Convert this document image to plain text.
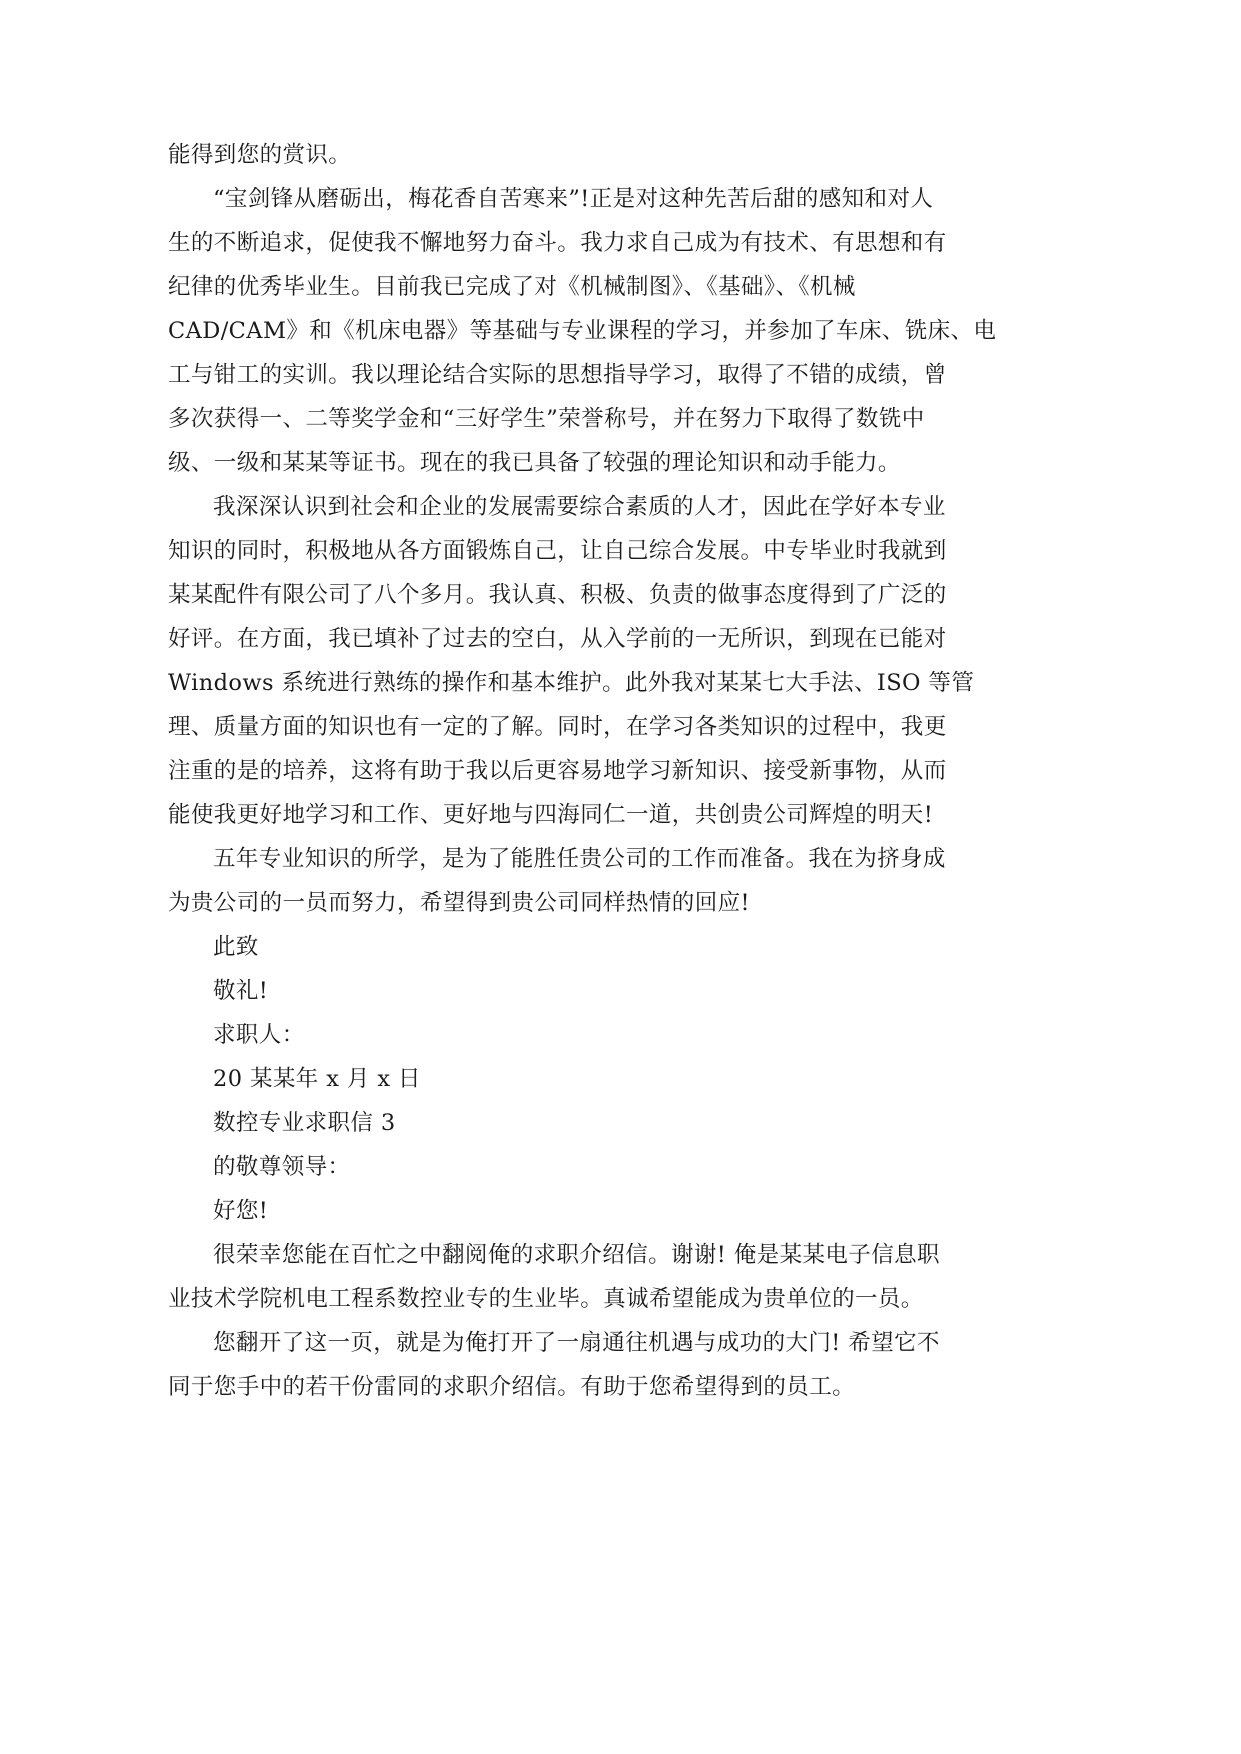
能得到您的赏识。
“宝剑锋从磨砺出，梅花香自苦寒来”!正是对这种先苦后甜的感知和对人
生的不断追求，促使我不懈地努力奋斗。我力求自己成为有技术、有思想和有
纪律的优秀毕业生。目前我已完成了对《机械制图》、《基础》、《机械
CAD/CAM》和《机床电器》等基础与专业课程的学习，并参加了车床、铣床、电
工与钳工的实训。我以理论结合实际的思想指导学习，取得了不错的成绩，曾
多次获得一、二等奖学金和“三好学生”荣誉称号，并在努力下取得了数铣中
级、一级和某某等证书。现在的我已具备了较强的理论知识和动手能力。
我深深认识到社会和企业的发展需要综合素质的人才，因此在学好本专业
知识的同时，积极地从各方面锻炼自己，让自己综合发展。中专毕业时我就到
某某配件有限公司了八个多月。我认真、积极、负责的做事态度得到了广泛的
好评。在方面，我已填补了过去的空白，从入学前的一无所识，到现在已能对
Windows 系统进行熟练的操作和基本维护。此外我对某某七大手法、ISO 等管
理、质量方面的知识也有一定的了解。同时，在学习各类知识的过程中，我更
注重的是的培养，这将有助于我以后更容易地学习新知识、接受新事物，从而
能使我更好地学习和工作、更好地与四海同仁一道，共创贵公司辉煌的明天!
五年专业知识的所学，是为了能胜任贵公司的工作而准备。我在为挤身成
为贵公司的一员而努力，希望得到贵公司同样热情的回应!
此致
敬礼!
求职人：
20 某某年 x 月 x 日
数控专业求职信 3
的敬尊领导：
好您!
很荣幸您能在百忙之中翻阅俺的求职介绍信。谢谢! 俺是某某电子信息职
业技术学院机电工程系数控业专的生业毕。真诚希望能成为贵单位的一员。
您翻开了这一页，就是为俺打开了一扇通往机遇与成功的大门! 希望它不
同于您手中的若干份雷同的求职介绍信。有助于您希望得到的员工。
